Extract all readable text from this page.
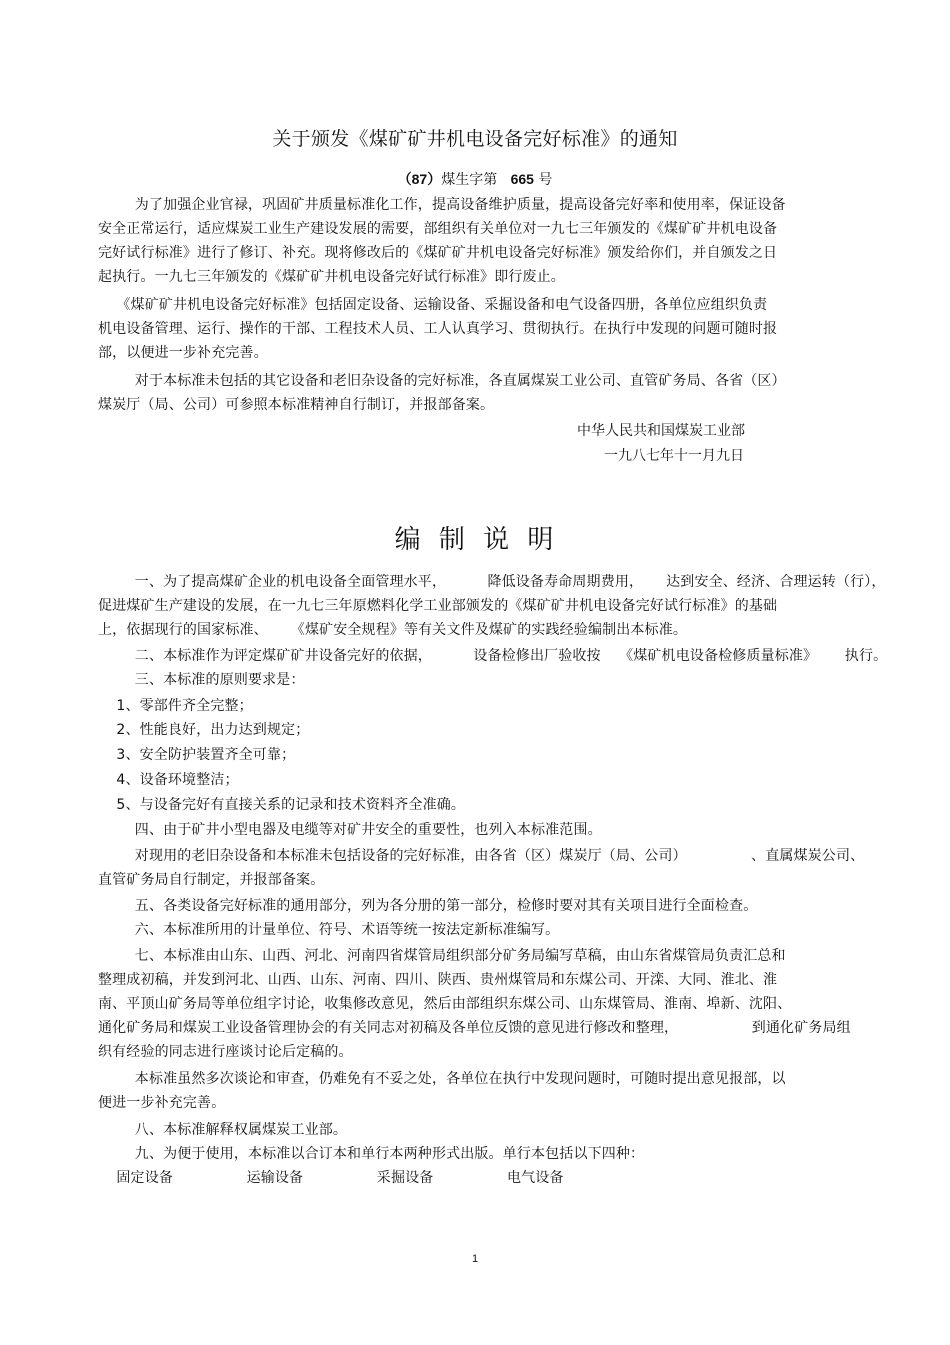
关于颁发《煤矿矿井机电设备完好标准》的通知
（87）煤生字第 665 号
为了加强企业官禄，巩固矿井质量标准化工作，提高设备维护质量，提高设备完好率和使用率，保证设备
安全正常运行，适应煤炭工业生产建设发展的需要，部组织有关单位对一九七三年颁发的《煤矿矿井机电设备
完好试行标准》进行了修订、补充。现将修改后的《煤矿矿井机电设备完好标准》颁发给你们，并自颁发之日
起执行。一九七三年颁发的《煤矿矿井机电设备完好试行标准》即行废止。
《煤矿矿井机电设备完好标准》包括固定设备、运输设备、采掘设备和电气设备四册，各单位应组织负责
机电设备管理、运行、操作的干部、工程技术人员、工人认真学习、贯彻执行。在执行中发现的问题可随时报
部，以便进一步补充完善。
对于本标准未包括的其它设备和老旧杂设备的完好标准，各直属煤炭工业公司、直管矿务局、各省（区）
煤炭厅（局、公司）可参照本标准精神自行制订，并报部备案。
中华人民共和国煤炭工业部
一九八七年十一月九日
编 制 说 明
一、为了提高煤矿企业的机电设备全面管理水平，         降低设备寿命周期费用，     达到安全、经济、合理运转（行），
促进煤矿生产建设的发展，在一九七三年原燃料化学工业部颁发的《煤矿矿井机电设备完好试行标准》的基础
上，依据现行的国家标准、     《煤矿安全规程》等有关文件及煤矿的实践经验编制出本标准。
二、本标准作为评定煤矿矿井设备完好的依据，         设备检修出厂验收按    《煤矿机电设备检修质量标准》      执行。
三、本标准的原则要求是：
1、零部件齐全完整；
2、性能良好，出力达到规定；
3、安全防护装置齐全可靠；
4、设备环境整洁；
5、与设备完好有直接关系的记录和技术资料齐全准确。
四、由于矿井小型电器及电缆等对矿井安全的重要性，也列入本标准范围。
对现用的老旧杂设备和本标准未包括设备的完好标准，由各省（区）煤炭厅（局、公司）              、直属煤炭公司、
直管矿务局自行制定，并报部备案。
五、各类设备完好标准的通用部分，列为各分册的第一部分，检修时要对其有关项目进行全面检查。
六、本标准所用的计量单位、符号、术语等统一按法定新标准编写。
七、本标准由山东、山西、河北、河南四省煤管局组织部分矿务局编写草稿，由山东省煤管局负责汇总和
整理成初稿，并发到河北、山西、山东、河南、四川、陕西、贵州煤管局和东煤公司、开滦、大同、淮北、淮
南、平顶山矿务局等单位组字讨论，收集修改意见，然后由部组织东煤公司、山东煤管局、淮南、埠新、沈阳、
通化矿务局和煤炭工业设备管理协会的有关同志对初稿及各单位反馈的意见进行修改和整理，                到通化矿务局组
织有经验的同志进行座谈讨论后定稿的。
本标准虽然多次谈论和审查，仍难免有不妥之处，各单位在执行中发现问题时，可随时提出意见报部，以
便进一步补充完善。
八、本标准解释权属煤炭工业部。
九、为便于使用，本标准以合订本和单行本两种形式出版。单行本包括以下四种：
固定设备                运输设备                采掘设备                电气设备
1
